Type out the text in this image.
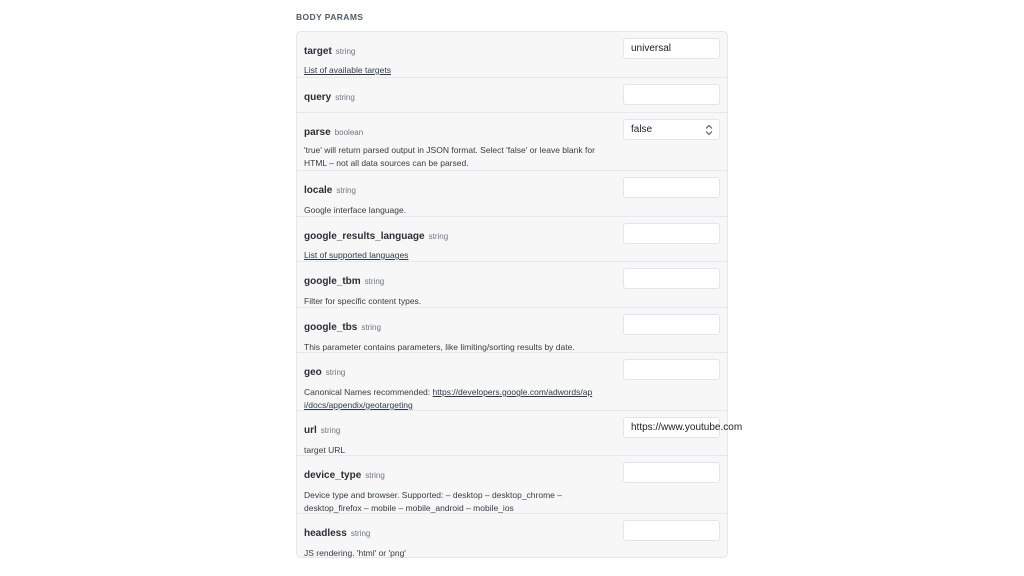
BODY PARAMS
target string
List of available targets
universal
query string
parse boolean
'true' will return parsed output in JSON format. Select 'false' or leave blank for HTML – not all data sources can be parsed.
false
locale string
Google interface language.
google_results_language string
List of supported languages
google_tbm string
Filter for specific content types.
google_tbs string
This parameter contains parameters, like limiting/sorting results by date.
geo string
Canonical Names recommended: https://developers.google.com/adwords/api/docs/appendix/geotargeting
url string
target URL
https://www.youtube.com
device_type string
Device type and browser. Supported: – desktop – desktop_chrome – desktop_firefox – mobile – mobile_android – mobile_ios
headless string
JS rendering. 'html' or 'png'
